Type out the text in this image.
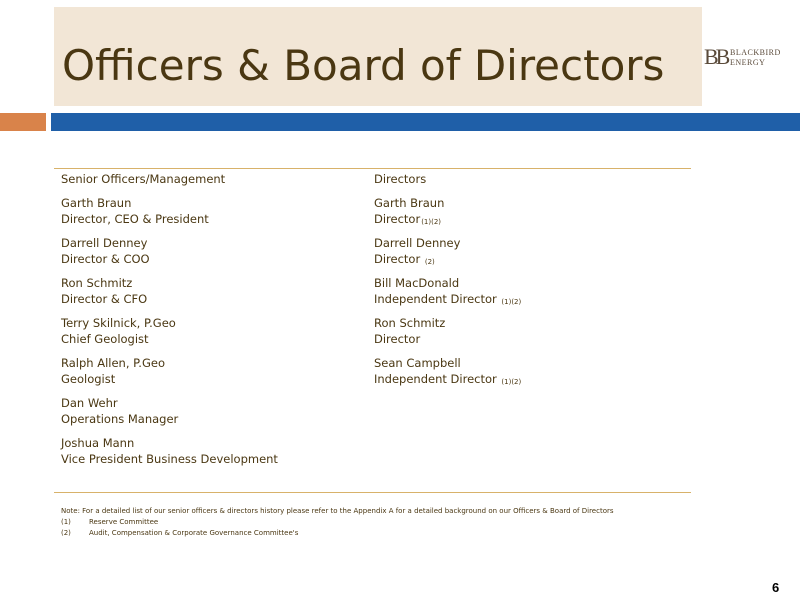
Officers & Board of Directors BB BLACKBIRD
ENERGY
Senior Officers/Management
Garth Braun
Director, CEO & President
Darrell Denney
Director & COO
Ron Schmitz
Director & CFO
Terry Skilnick, P.Geo
Chief Geologist
Ralph Allen, P.Geo
Geologist
Dan Wehr
Operations Manager
Joshua Mann
Vice President Business Development
Directors
Garth Braun
Director(1)(2)
Darrell Denney
Director (2)
Bill MacDonald
Independent Director (1)(2)
Ron Schmitz
Director
Sean Campbell
Independent Director (1)(2)
Note: For a detailed list of our senior officers & directors history please refer to the Appendix A for a detailed background on our Officers & Board of Directors
(1)	Reserve Committee
(2)	Audit, Compensation & Corporate Governance Committee's
6
